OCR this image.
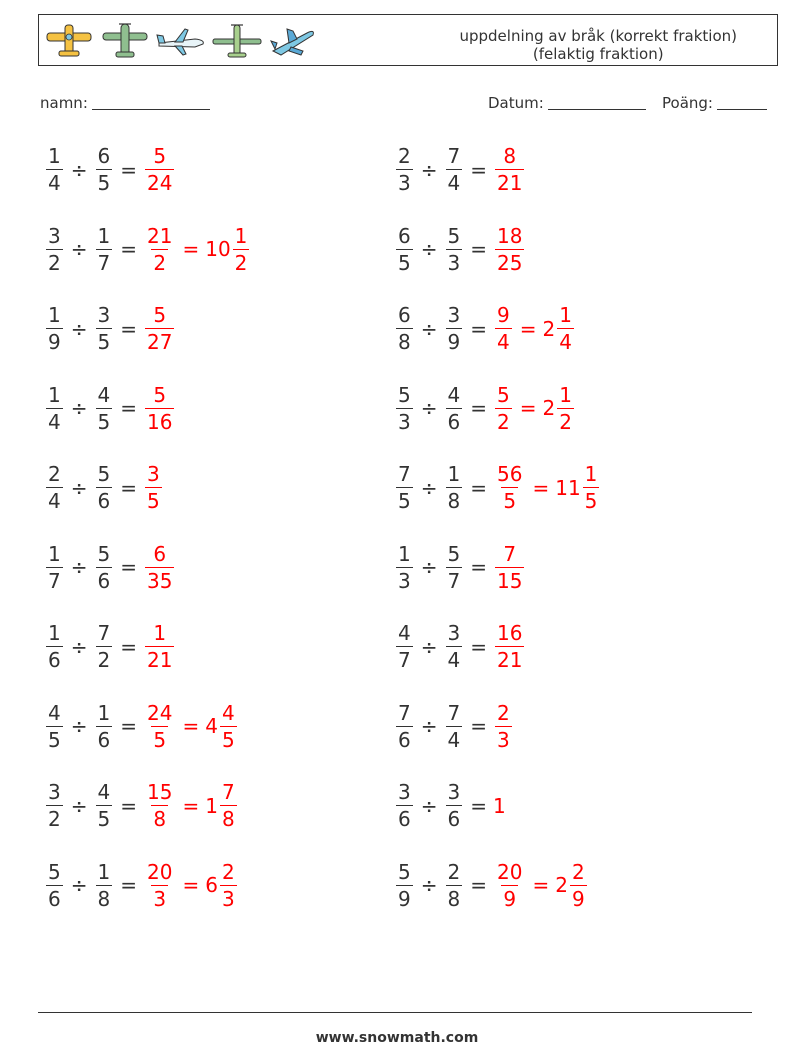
uppdelning av bråk (korrekt fraktion)
(felaktig fraktion)
namn:	Datum:	Poäng:
$\frac{1}{4} \div \frac{6}{5} = \frac{5}{24}$	$\frac{2}{3} \div \frac{7}{4} = \frac{8}{21}$
$\frac{3}{2} \div \frac{1}{7} = \frac{21}{2} = 10 \frac{1}{2}$	$\frac{6}{5} \div \frac{5}{3} = \frac{18}{25}$
$\frac{1}{9} \div \frac{3}{5} = \frac{5}{27}$	$\frac{6}{8} \div \frac{3}{9} = \frac{9}{4} = 2 \frac{1}{4}$
$\frac{1}{4} \div \frac{4}{5} = \frac{5}{16}$	$\frac{5}{3} \div \frac{4}{6} = \frac{5}{2} = 2 \frac{1}{2}$
$\frac{2}{4} \div \frac{5}{6} = \frac{3}{5}$	$\frac{7}{5} \div \frac{1}{8} = \frac{56}{5} = 11 \frac{1}{5}$
$\frac{1}{7} \div \frac{5}{6} = \frac{6}{35}$	$\frac{1}{3} \div \frac{5}{7} = \frac{7}{15}$
$\frac{1}{6} \div \frac{7}{2} = \frac{1}{21}$	$\frac{4}{7} \div \frac{3}{4} = \frac{16}{21}$
$\frac{4}{5} \div \frac{1}{6} = \frac{24}{5} = 4 \frac{4}{5}$	$\frac{7}{6} \div \frac{7}{4} = \frac{2}{3}$
$\frac{3}{2} \div \frac{4}{5} = \frac{15}{8} = 1 \frac{7}{8}$	$\frac{3}{6} \div \frac{3}{6} = 1$
$\frac{5}{6} \div \frac{1}{8} = \frac{20}{3} = 6 \frac{2}{3}$	$\frac{5}{9} \div \frac{2}{8} = \frac{20}{9} = 2 \frac{2}{9}$
www.snowmath.com
